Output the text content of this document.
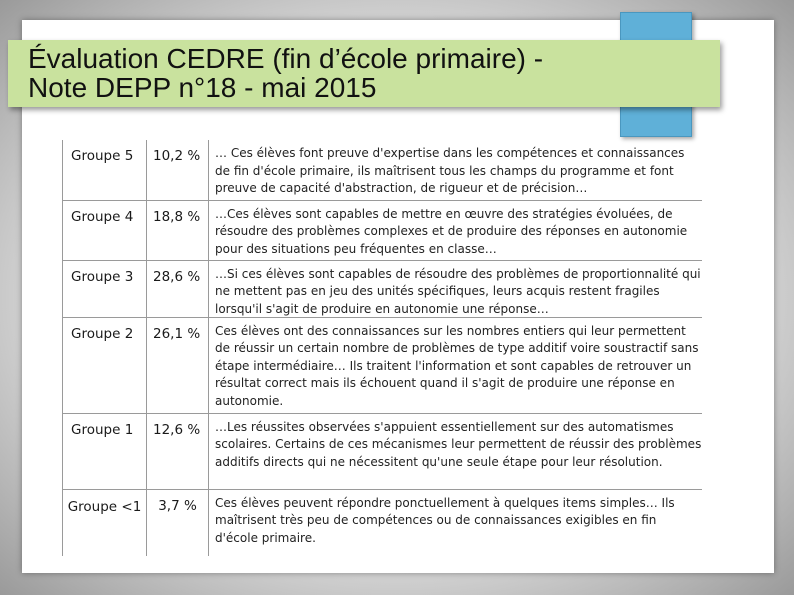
Évaluation CEDRE (fin d’école primaire) -
Note DEPP n°18 - mai 2015
Groupe 5	10,2 %	… Ces élèves font preuve d'expertise dans les compétences et connaissances de fin d'école primaire, ils maîtrisent tous les champs du programme et font preuve de capacité d'abstraction, de rigueur et de précision…

Groupe 4	18,8 %	…Ces élèves sont capables de mettre en œuvre des stratégies évoluées, de résoudre des problèmes complexes et de produire des réponses en autonomie pour des situations peu fréquentes en classe…

Groupe 3	28,6 %	…Si ces élèves sont capables de résoudre des problèmes de proportionnalité qui ne mettent pas en jeu des unités spécifiques, leurs acquis restent fragiles lorsqu'il s'agit de produire en autonomie une réponse…

Groupe 2	26,1 %	Ces élèves ont des connaissances sur les nombres entiers qui leur permettent de réussir un certain nombre de problèmes de type additif voire soustractif sans étape intermédiaire… Ils traitent l'information et sont capables de retrouver un résultat correct mais ils échouent quand il s'agit de produire une réponse en autonomie.

Groupe 1	12,6 %	…Les réussites observées s'appuient essentiellement sur des automatismes scolaires. Certains de ces mécanismes leur permettent de réussir des problèmes additifs directs qui ne nécessitent qu'une seule étape pour leur résolution.

Groupe <1	3,7 %	Ces élèves peuvent répondre ponctuellement à quelques items simples… Ils maîtrisent très peu de compétences ou de connaissances exigibles en fin d'école primaire.
